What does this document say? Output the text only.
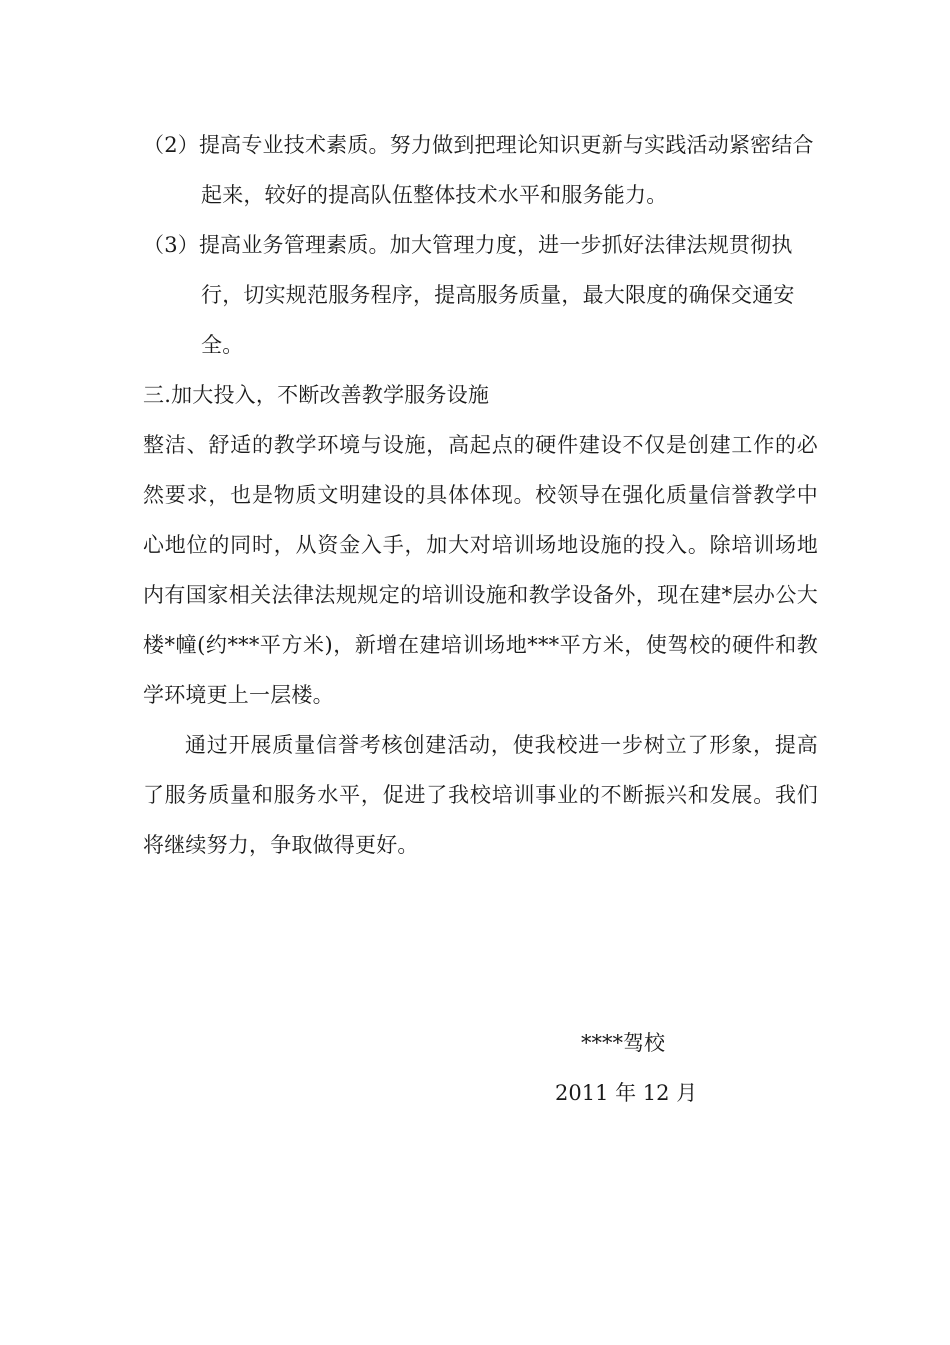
（2）提高专业技术素质。努力做到把理论知识更新与实践活动紧密结合起来，较好的提高队伍整体技术水平和服务能力。

（3）提高业务管理素质。加大管理力度，进一步抓好法律法规贯彻执行，切实规范服务程序，提高服务质量，最大限度的确保交通安全。

三.加大投入，不断改善教学服务设施

整洁、舒适的教学环境与设施，高起点的硬件建设不仅是创建工作的必然要求，也是物质文明建设的具体体现。校领导在强化质量信誉教学中心地位的同时，从资金入手，加大对培训场地设施的投入。除培训场地内有国家相关法律法规规定的培训设施和教学设备外，现在建*层办公大楼*幢(约***平方米)，新增在建培训场地***平方米，使驾校的硬件和教学环境更上一层楼。

通过开展质量信誉考核创建活动，使我校进一步树立了形象，提高了服务质量和服务水平，促进了我校培训事业的不断振兴和发展。我们将继续努力，争取做得更好。

****驾校
2011 年 12 月
